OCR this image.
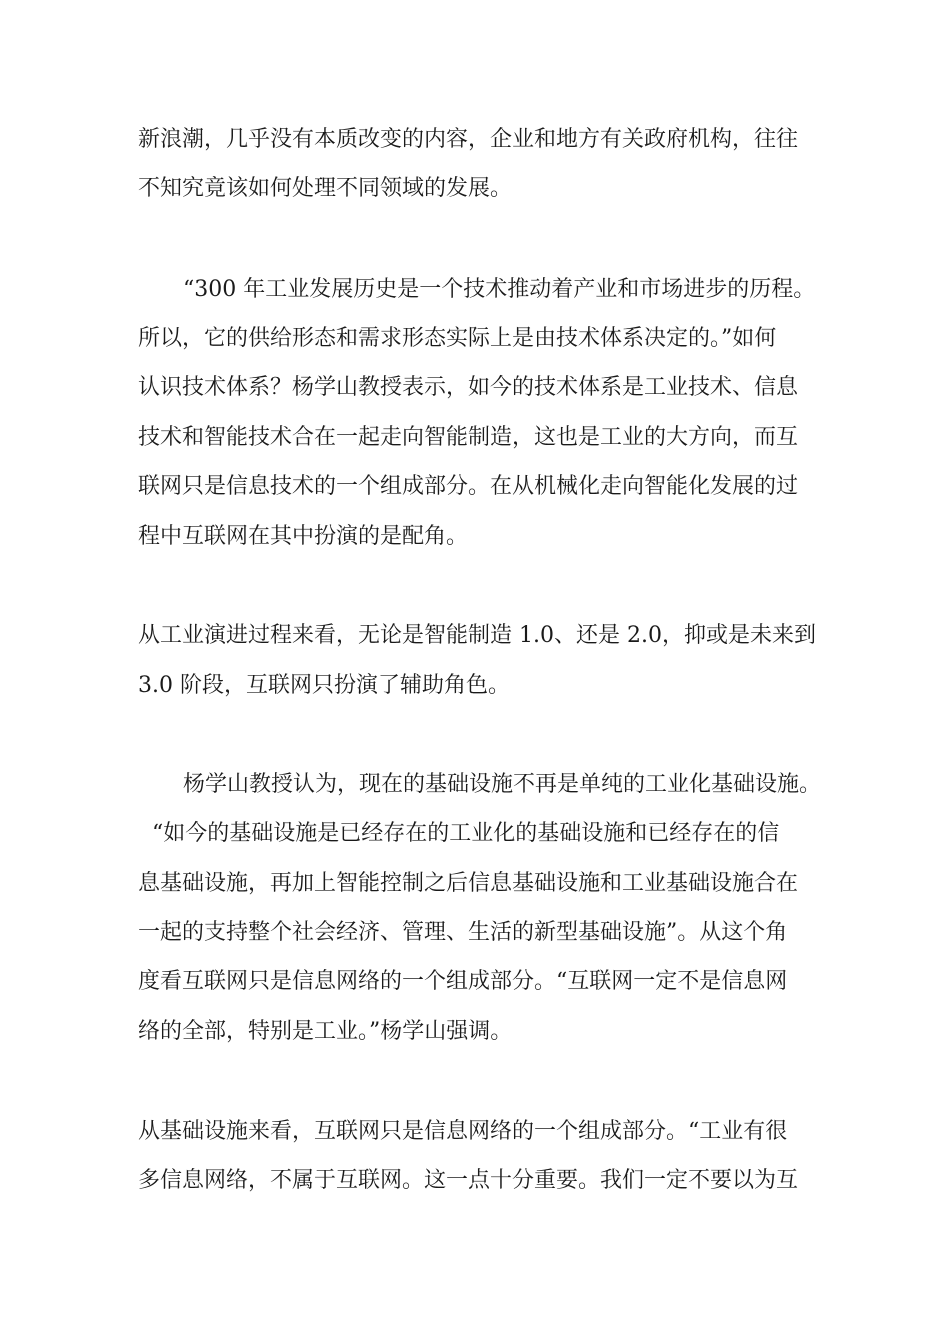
新浪潮，几乎没有本质改变的内容，企业和地方有关政府机构，往往
不知究竟该如何处理不同领域的发展。
　“300 年工业发展历史是一个技术推动着产业和市场进步的历程。
所以，它的供给形态和需求形态实际上是由技术体系决定的。”如何
认识技术体系？杨学山教授表示，如今的技术体系是工业技术、信息
技术和智能技术合在一起走向智能制造，这也是工业的大方向，而互
联网只是信息技术的一个组成部分。在从机械化走向智能化发展的过
程中互联网在其中扮演的是配角。
从工业演进过程来看，无论是智能制造 1.0、还是 2.0，抑或是未来到
3.0 阶段，互联网只扮演了辅助角色。
　杨学山教授认为，现在的基础设施不再是单纯的工业化基础设施。
“如今的基础设施是已经存在的工业化的基础设施和已经存在的信
息基础设施，再加上智能控制之后信息基础设施和工业基础设施合在
一起的支持整个社会经济、管理、生活的新型基础设施”。从这个角
度看互联网只是信息网络的一个组成部分。“互联网一定不是信息网
络的全部，特别是工业。”杨学山强调。
从基础设施来看，互联网只是信息网络的一个组成部分。“工业有很
多信息网络，不属于互联网。这一点十分重要。我们一定不要以为互
